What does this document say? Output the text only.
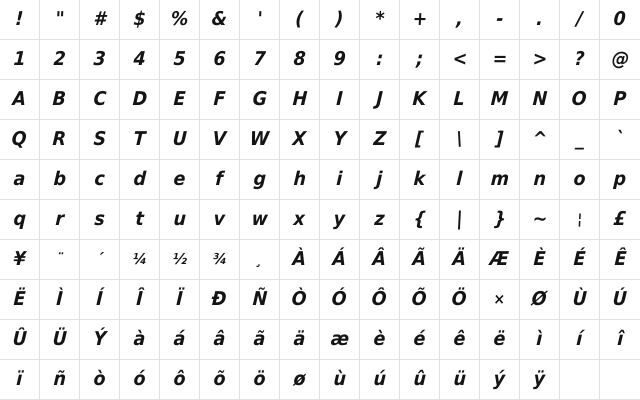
! " # $ % & ' ( ) * + , - . / 0
1 2 3 4 5 6 7 8 9 : ; < = > ? @
A B C D E F G H I J K L M N O P
Q R S T U V W X Y Z [ \ ] ^ _ `
a b c d e f g h i j k l m n o p
q r s t u v w x y z { | } ~ ¦ £
¥ ¨ ´ ¼ ½ ¾ ¸ À Á Â Ã Ä Æ È É Ê
Ë Ì Í Î Ï Ð Ñ Ò Ó Ô Õ Ö × Ø Ù Ú
Û Ü Ý à á â ã ä æ è é ê ë ì í î
ï ñ ò ó ô õ ö ø ù ú û ü ý ÿ
